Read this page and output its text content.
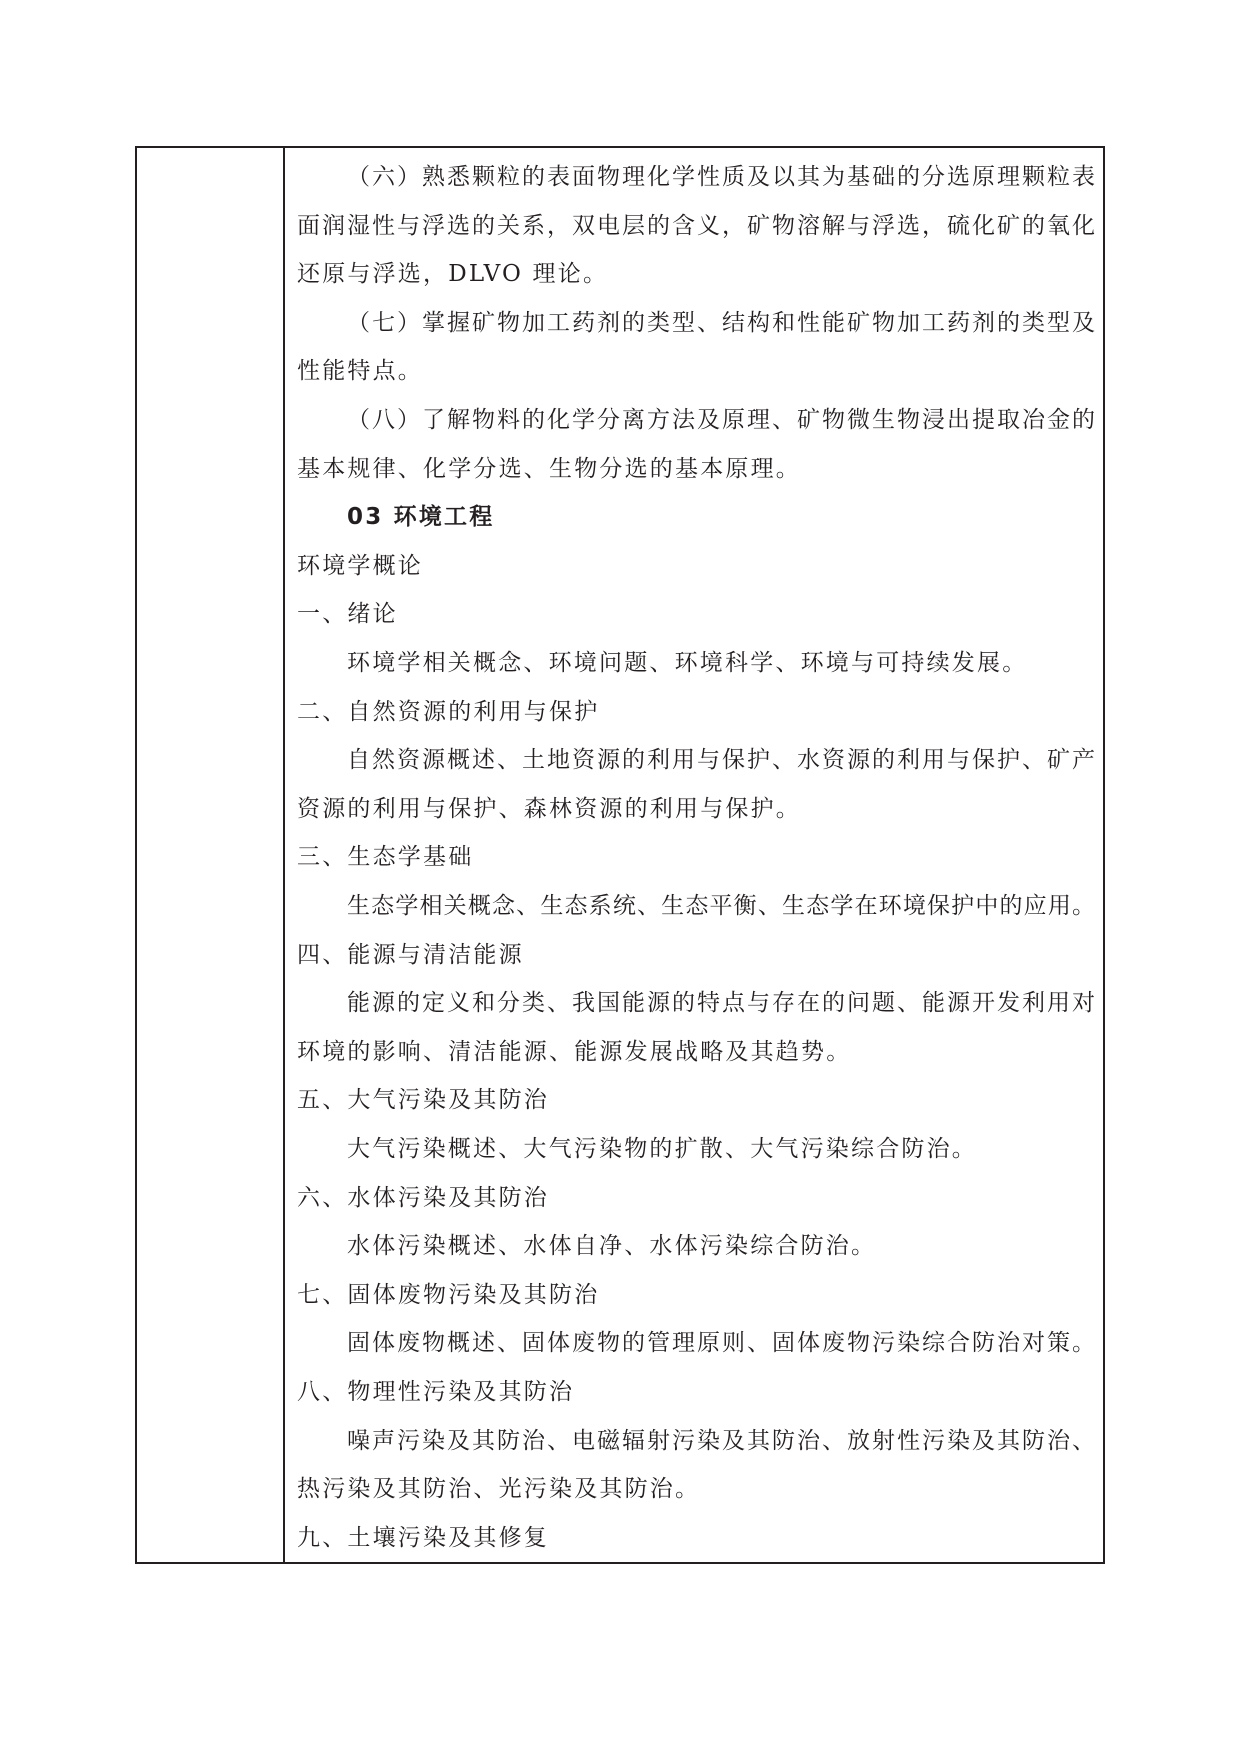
（六）熟悉颗粒的表面物理化学性质及以其为基础的分选原理颗粒表
面润湿性与浮选的关系，双电层的含义，矿物溶解与浮选，硫化矿的氧化
还原与浮选，DLVO 理论。
（七）掌握矿物加工药剂的类型、结构和性能矿物加工药剂的类型及
性能特点。
（八）了解物料的化学分离方法及原理、矿物微生物浸出提取冶金的
基本规律、化学分选、生物分选的基本原理。
03 环境工程
环境学概论
一、绪论
环境学相关概念、环境问题、环境科学、环境与可持续发展。
二、自然资源的利用与保护
自然资源概述、土地资源的利用与保护、水资源的利用与保护、矿产
资源的利用与保护、森林资源的利用与保护。
三、生态学基础
生态学相关概念、生态系统、生态平衡、生态学在环境保护中的应用。
四、能源与清洁能源
能源的定义和分类、我国能源的特点与存在的问题、能源开发利用对
环境的影响、清洁能源、能源发展战略及其趋势。
五、大气污染及其防治
大气污染概述、大气污染物的扩散、大气污染综合防治。
六、水体污染及其防治
水体污染概述、水体自净、水体污染综合防治。
七、固体废物污染及其防治
固体废物概述、固体废物的管理原则、固体废物污染综合防治对策。
八、物理性污染及其防治
噪声污染及其防治、电磁辐射污染及其防治、放射性污染及其防治、
热污染及其防治、光污染及其防治。
九、土壤污染及其修复
